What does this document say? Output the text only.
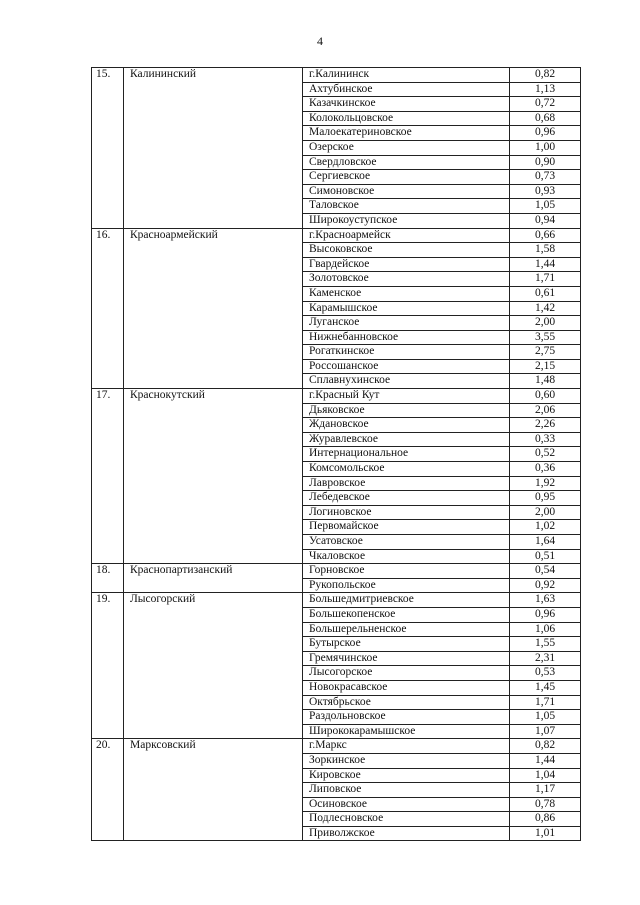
4
15.	Калининский		г.Калининск	0,82
Ахтубинское	1,13
Казачкинское	0,72
Колокольцовское	0,68
Малоекатериновское	0,96
Озерское	1,00
Свердловское	0,90
Сергиевское	0,73
Симоновское	0,93
Таловское	1,05
Широкоуступское	0,94

16.	Красноармейский		г.Красноармейск	0,66
Высоковское	1,58
Гвардейское	1,44
Золотовское	1,71
Каменское	0,61
Карамышское	1,42
Луганское	2,00
Нижнебанновское	3,55
Рогаткинское	2,75
Россошанское	2,15
Сплавнухинское	1,48

17.	Краснокутский		г.Красный Кут	0,60
Дьяковское	2,06
Ждановское	2,26
Журавлевское	0,33
Интернациональное	0,52
Комсомольское	0,36
Лавровское	1,92
Лебедевское	0,95
Логиновское	2,00
Первомайское	1,02
Усатовское	1,64
Чкаловское	0,51

18.	Краснопартизанский		Горновское	0,54
Рукопольское	0,92

19.	Лысогорский		Большедмитриевское	1,63
Большекопенское	0,96
Большерельненское	1,06
Бутырское	1,55
Гремячинское	2,31
Лысогорское	0,53
Новокрасавское	1,45
Октябрьское	1,71
Раздольновское	1,05
Ширококарамышское	1,07

20.	Марксовский		г.Маркс	0,82
Зоркинское	1,44
Кировское	1,04
Липовское	1,17
Осиновское	0,78
Подлесновское	0,86
Приволжское	1,01
